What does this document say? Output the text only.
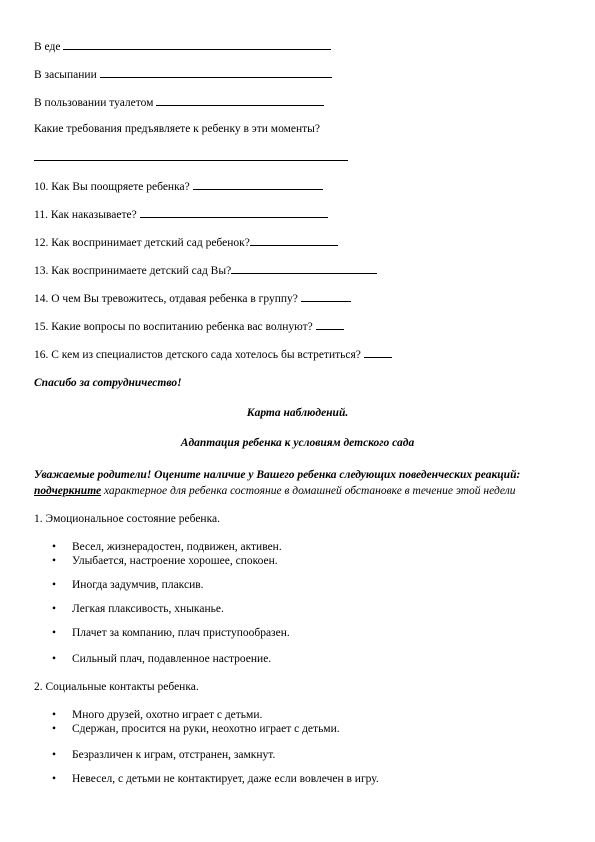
В еде
В засыпании
В пользовании туалетом
Какие требования предъявляете к ребенку в эти моменты?
10. Как Вы поощряете ребенка?
11. Как наказываете?
12. Как воспринимает детский сад ребенок?
13. Как воспринимаете детский сад Вы?
14. О чем Вы тревожитесь, отдавая ребенка в группу?
15. Какие вопросы по воспитанию ребенка вас волнуют?
16. С кем из специалистов детского сада хотелось бы встретиться?
Спасибо за сотрудничество!
Карта наблюдений.
Адаптация ребенка к условиям детского сада
Уважаемые родители! Оцените наличие у Вашего ребенка следующих поведенческих реакций:
подчеркните характерное для ребенка состояние в домашней обстановке в течение этой недели
1. Эмоциональное состояние ребенка.
• Весел, жизнерадостен, подвижен, активен.
• Улыбается, настроение хорошее, спокоен.
• Иногда задумчив, плаксив.
• Легкая плаксивость, хныканье.
• Плачет за компанию, плач приступообразен.
• Сильный плач, подавленное настроение.
2. Социальные контакты ребенка.
• Много друзей, охотно играет с детьми.
• Сдержан, просится на руки, неохотно играет с детьми.
• Безразличен к играм, отстранен, замкнут.
• Невесел, с детьми не контактирует, даже если вовлечен в игру.
